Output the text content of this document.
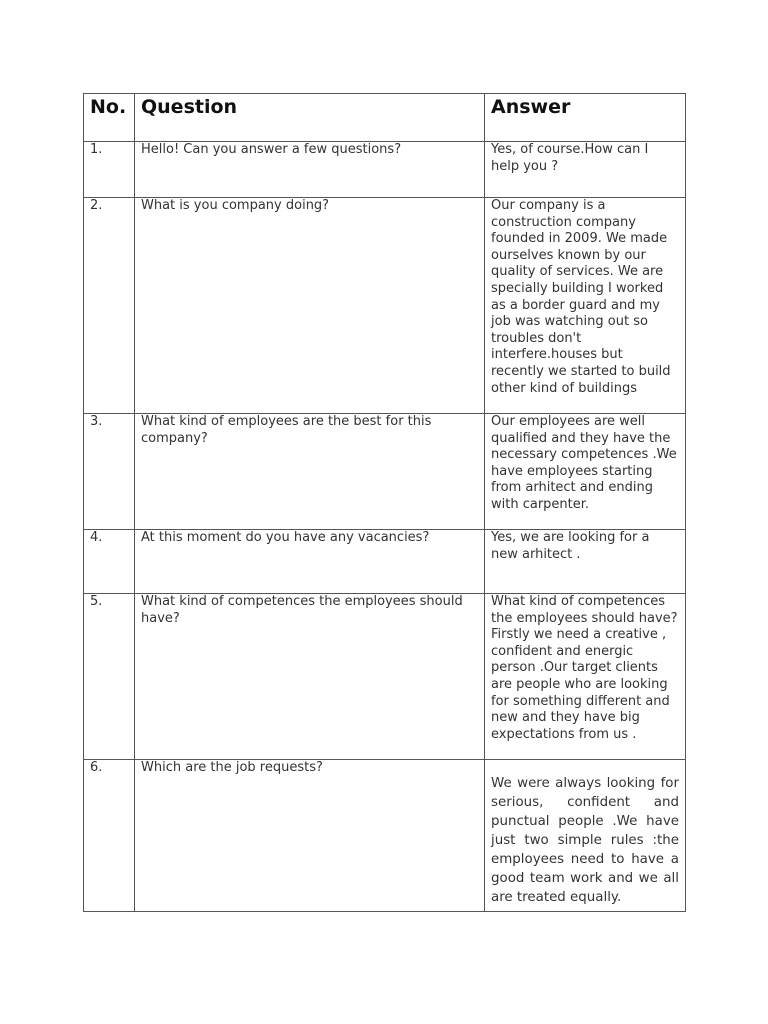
No.	Question	Answer

1.	Hello! Can you answer a few questions?	Yes, of course.How can I help you ?

2.	What is you company doing?	Our company is a construction company founded in 2009. We made ourselves known by our quality of services. We are specially building I worked as a border guard and my job was watching out so troubles don't interfere.houses but recently we started to build other kind of buildings

3.	What kind of employees are the best for this company?	Our employees are well qualified and they have the necessary competences .We have employees starting from arhitect and ending with carpenter.

4.	At this moment do you have any vacancies?	Yes, we are looking for a new arhitect .

5.	What kind of competences the employees should have?	What kind of competences the employees should have? Firstly we need a creative , confident and energic person .Our target clients are people who are looking for something different and new and they have big expectations from us .

6.	Which are the job requests?	We were always looking for serious, confident and punctual people .We have just two simple rules :the employees need to have a good team work and we all are treated equally.
